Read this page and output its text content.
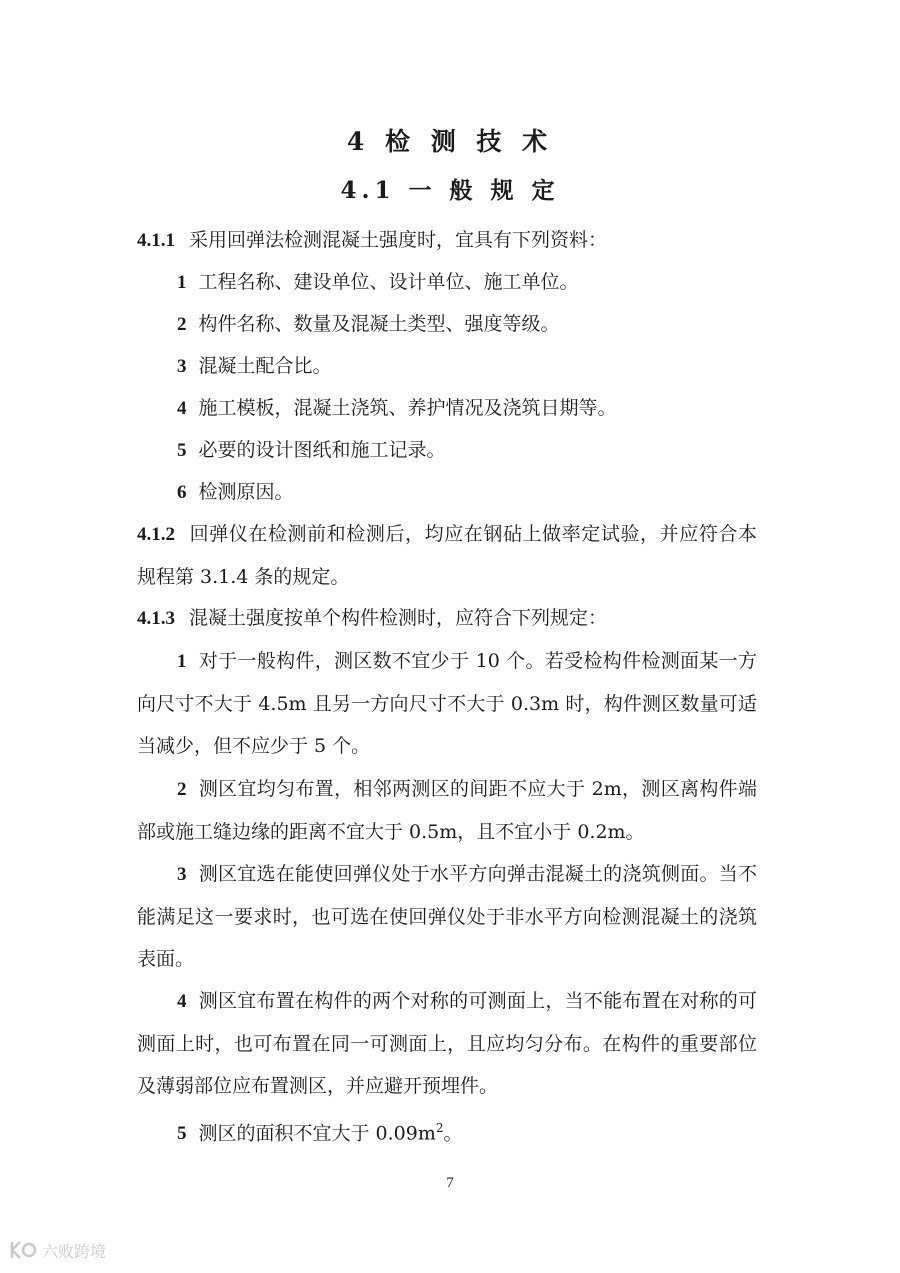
4 检 测 技 术
4.1 一 般 规 定
4.1.1 采用回弹法检测混凝土强度时，宜具有下列资料：
1 工程名称、建设单位、设计单位、施工单位。
2 构件名称、数量及混凝土类型、强度等级。
3 混凝土配合比。
4 施工模板，混凝土浇筑、养护情况及浇筑日期等。
5 必要的设计图纸和施工记录。
6 检测原因。
4.1.2 回弹仪在检测前和检测后，均应在钢砧上做率定试验，并应符合本规程第 3.1.4 条的规定。
4.1.3 混凝土强度按单个构件检测时，应符合下列规定：
1 对于一般构件，测区数不宜少于 10 个。若受检构件检测面某一方向尺寸不大于 4.5m 且另一方向尺寸不大于 0.3m 时，构件测区数量可适当减少，但不应少于 5 个。
2 测区宜均匀布置，相邻两测区的间距不应大于 2m，测区离构件端部或施工缝边缘的距离不宜大于 0.5m，且不宜小于 0.2m。
3 测区宜选在能使回弹仪处于水平方向弹击混凝土的浇筑侧面。当不能满足这一要求时，也可选在使回弹仪处于非水平方向检测混凝土的浇筑表面。
4 测区宜布置在构件的两个对称的可测面上，当不能布置在对称的可测面上时，也可布置在同一可测面上，且应均匀分布。在构件的重要部位及薄弱部位应布置测区，并应避开预埋件。
5 测区的面积不宜大于 $0.09m^2$。
7
六败跨境
